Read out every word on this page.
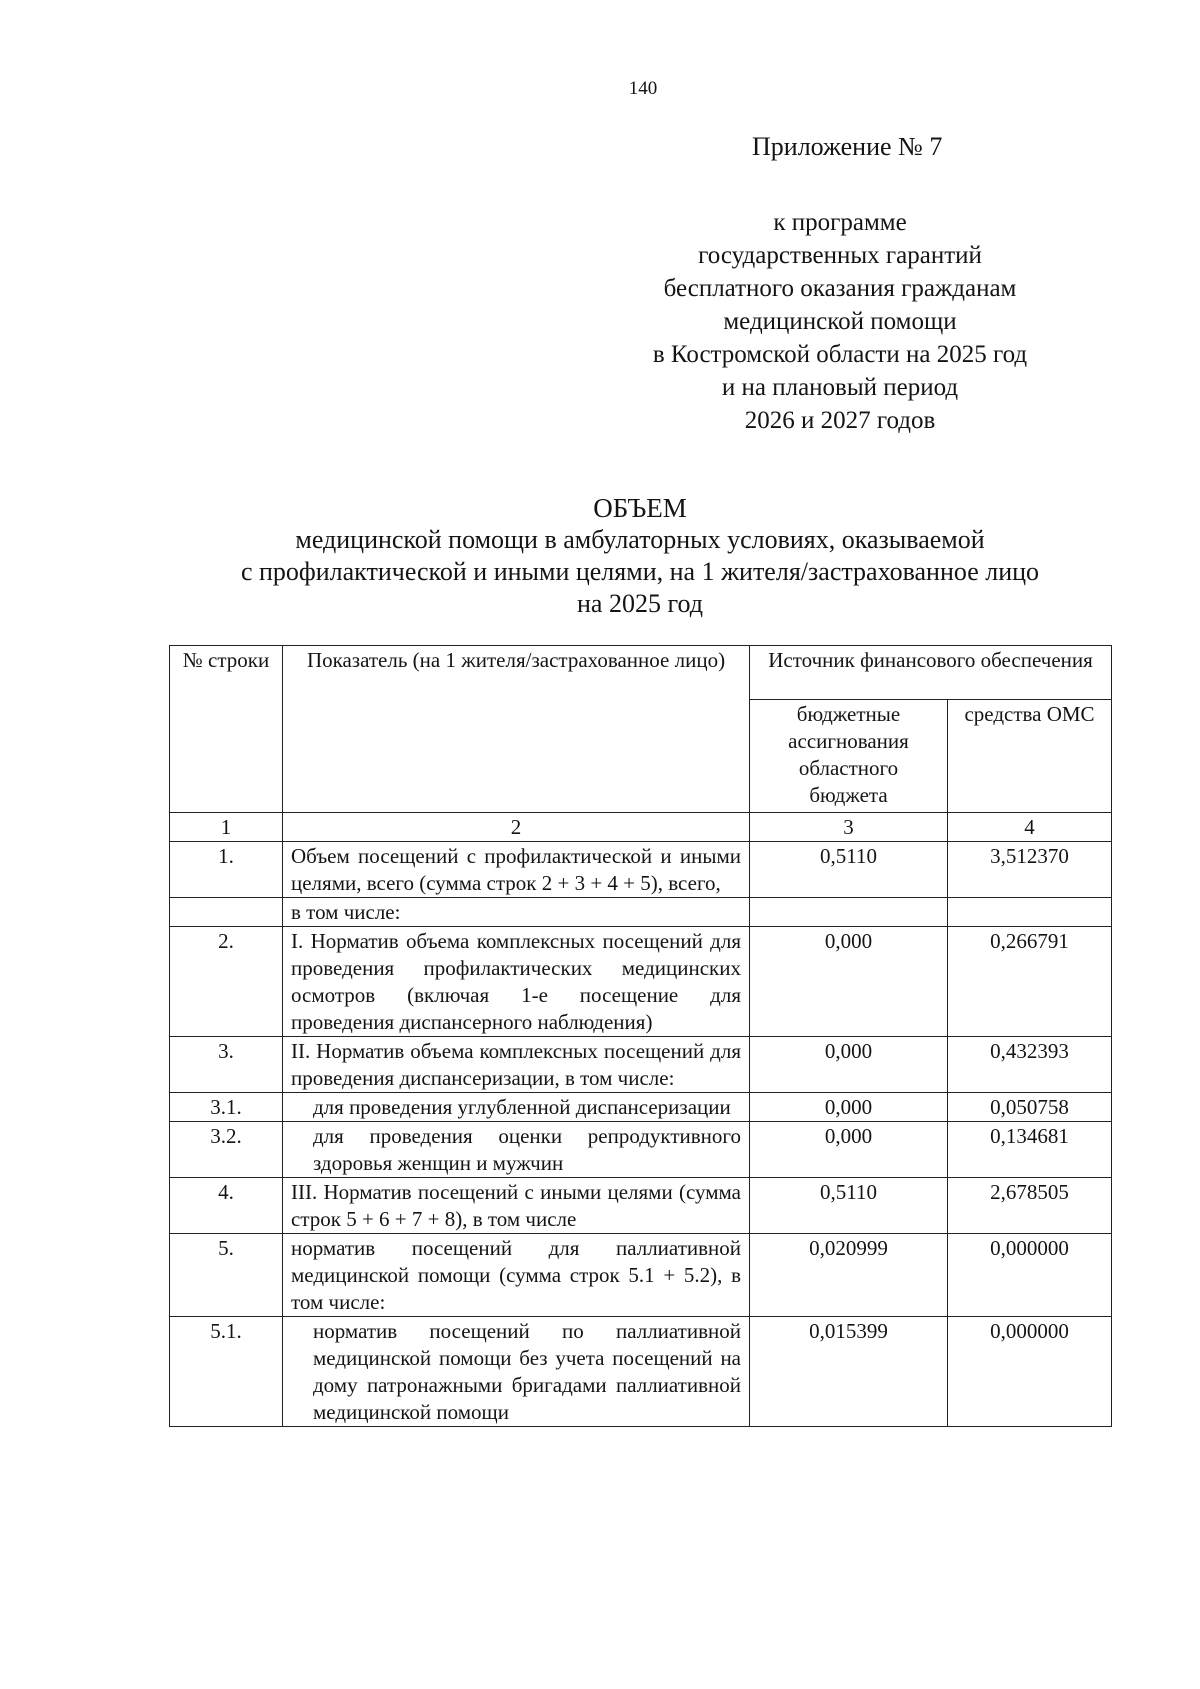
140
Приложение № 7
к программе
государственных гарантий
бесплатного оказания гражданам
медицинской помощи
в Костромской области на 2025 год
и на плановый период
2026 и 2027 годов
ОБЪЕМ
медицинской помощи в амбулаторных условиях, оказываемой
с профилактической и иными целями, на 1 жителя/застрахованное лицо
на 2025 год
№ строки	Показатель (на 1 жителя/застрахованное лицо)	Источник финансового обеспечения	
		бюджетные ассигнования областного бюджета	средства ОМС
1	2	3	4
1.	Объем посещений с профилактической и иными целями, всего (сумма строк 2 + 3 + 4 + 5), всего,	0,5110	3,512370
	в том числе:		
2.	I. Норматив объема комплексных посещений для проведения профилактических медицинских осмотров (включая 1-е посещение для проведения диспансерного наблюдения)	0,000	0,266791
3.	II. Норматив объема комплексных посещений для проведения диспансеризации, в том числе:	0,000	0,432393
3.1.	для проведения углубленной диспансеризации	0,000	0,050758
3.2.	для проведения оценки репродуктивного здоровья женщин и мужчин	0,000	0,134681
4.	III. Норматив посещений с иными целями (сумма строк 5 + 6 + 7 + 8), в том числе	0,5110	2,678505
5.	норматив посещений для паллиативной медицинской помощи (сумма строк 5.1 + 5.2), в том числе:	0,020999	0,000000
5.1.	норматив посещений по паллиативной медицинской помощи без учета посещений на дому патронажными бригадами паллиативной медицинской помощи	0,015399	0,000000
